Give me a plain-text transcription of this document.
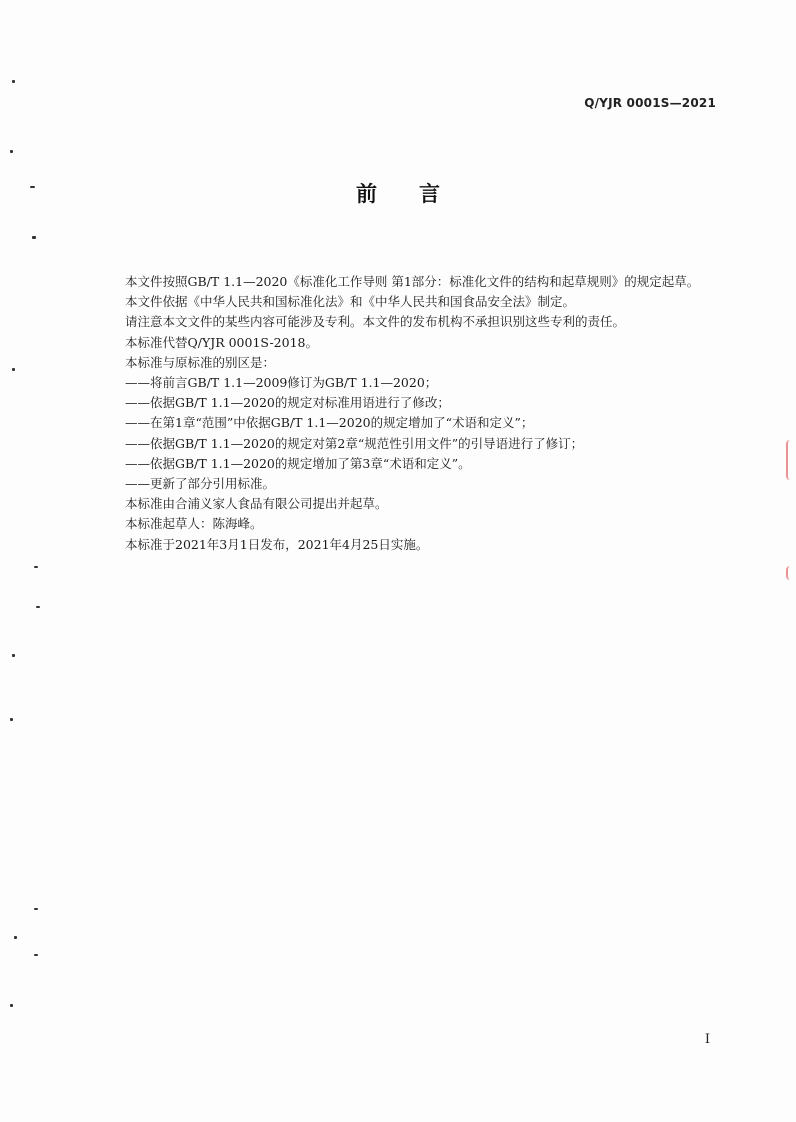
Q/YJR 0001S—2021
前言

本文件按照GB/T 1.1—2020《标准化工作导则 第1部分：标准化文件的结构和起草规则》的规定起草。

本文件依据《中华人民共和国标准化法》和《中华人民共和国食品安全法》制定。

请注意本文文件的某些内容可能涉及专利。本文件的发布机构不承担识别这些专利的责任。

本标准代替Q/YJR 0001S-2018。

本标准与原标准的别区是：

——将前言GB/T 1.1—2009修订为GB/T 1.1—2020；

——依据GB/T 1.1—2020的规定对标准用语进行了修改；

——在第1章“范围”中依据GB/T 1.1—2020的规定增加了“术语和定义”；

——依据GB/T 1.1—2020的规定对第2章“规范性引用文件”的引导语进行了修订；

——依据GB/T 1.1—2020的规定增加了第3章“术语和定义”。

——更新了部分引用标准。

本标准由合浦义家人食品有限公司提出并起草。

本标准起草人：陈海峰。

本标准于2021年3月1日发布，2021年4月25日实施。

I
